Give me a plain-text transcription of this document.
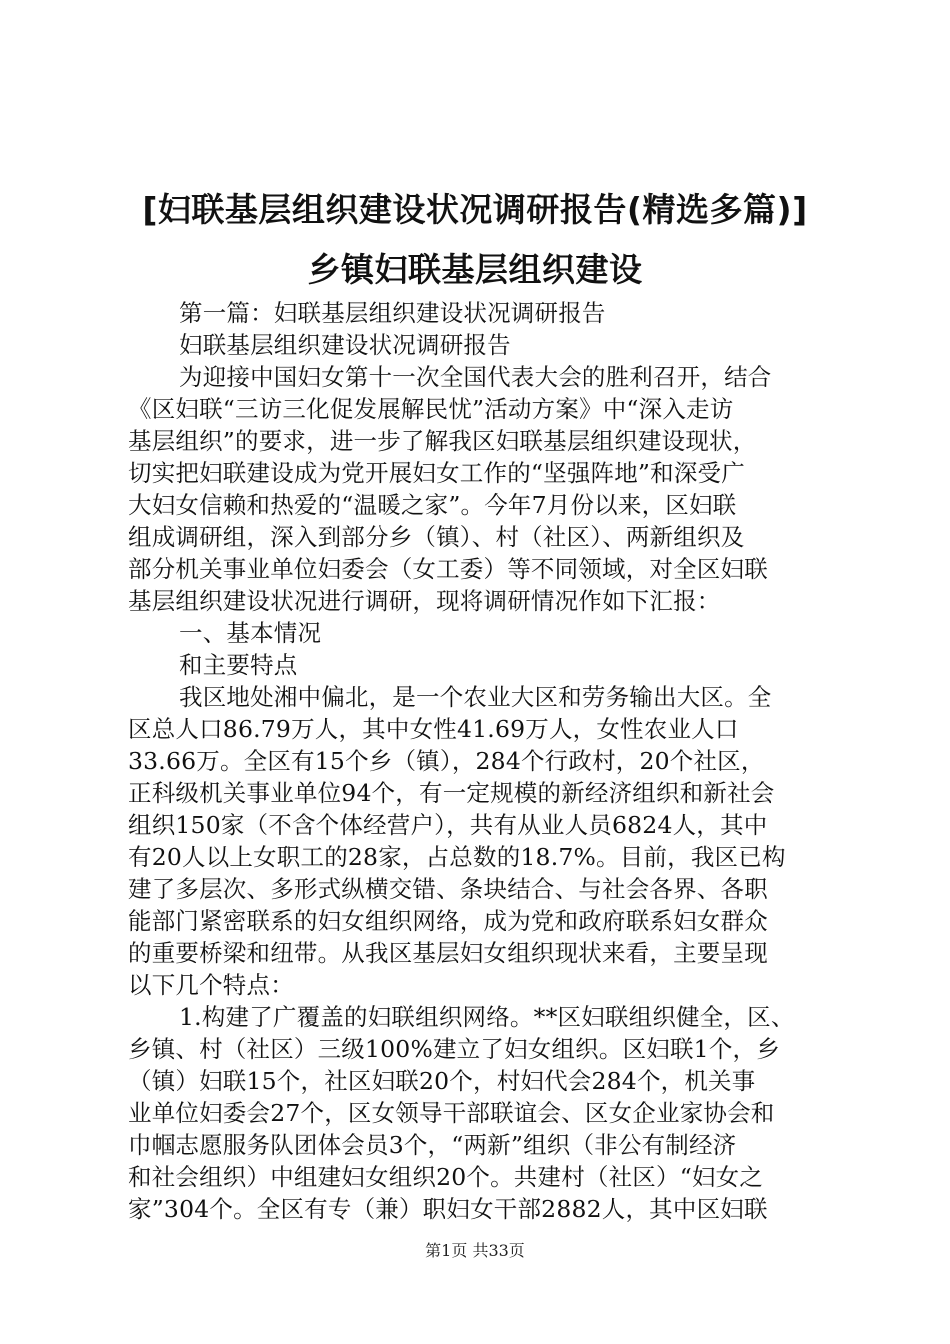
[妇联基层组织建设状况调研报告(精选多篇)]
乡镇妇联基层组织建设
第一篇：妇联基层组织建设状况调研报告
妇联基层组织建设状况调研报告
为迎接中国妇女第十一次全国代表大会的胜利召开，结合
《区妇联“三访三化促发展解民忧”活动方案》中“深入走访
基层组织”的要求，进一步了解我区妇联基层组织建设现状，
切实把妇联建设成为党开展妇女工作的“坚强阵地”和深受广
大妇女信赖和热爱的“温暖之家”。今年7月份以来，区妇联
组成调研组，深入到部分乡（镇）、村（社区）、两新组织及
部分机关事业单位妇委会（女工委）等不同领域，对全区妇联
基层组织建设状况进行调研，现将调研情况作如下汇报：
一、基本情况
和主要特点
我区地处湘中偏北，是一个农业大区和劳务输出大区。全
区总人口86.79万人，其中女性41.69万人，女性农业人口
33.66万。全区有15个乡（镇），284个行政村，20个社区，
正科级机关事业单位94个，有一定规模的新经济组织和新社会
组织150家（不含个体经营户），共有从业人员6824人，其中
有20人以上女职工的28家，占总数的18.7%。目前，我区已构
建了多层次、多形式纵横交错、条块结合、与社会各界、各职
能部门紧密联系的妇女组织网络，成为党和政府联系妇女群众
的重要桥梁和纽带。从我区基层妇女组织现状来看，主要呈现
以下几个特点：
1.构建了广覆盖的妇联组织网络。**区妇联组织健全，区、
乡镇、村（社区）三级100%建立了妇女组织。区妇联1个，乡
（镇）妇联15个，社区妇联20个，村妇代会284个，机关事
业单位妇委会27个，区女领导干部联谊会、区女企业家协会和
巾帼志愿服务队团体会员3个，“两新”组织（非公有制经济
和社会组织）中组建妇女组织20个。共建村（社区）“妇女之
家”304个。全区有专（兼）职妇女干部2882人，其中区妇联
第1页 共33页
